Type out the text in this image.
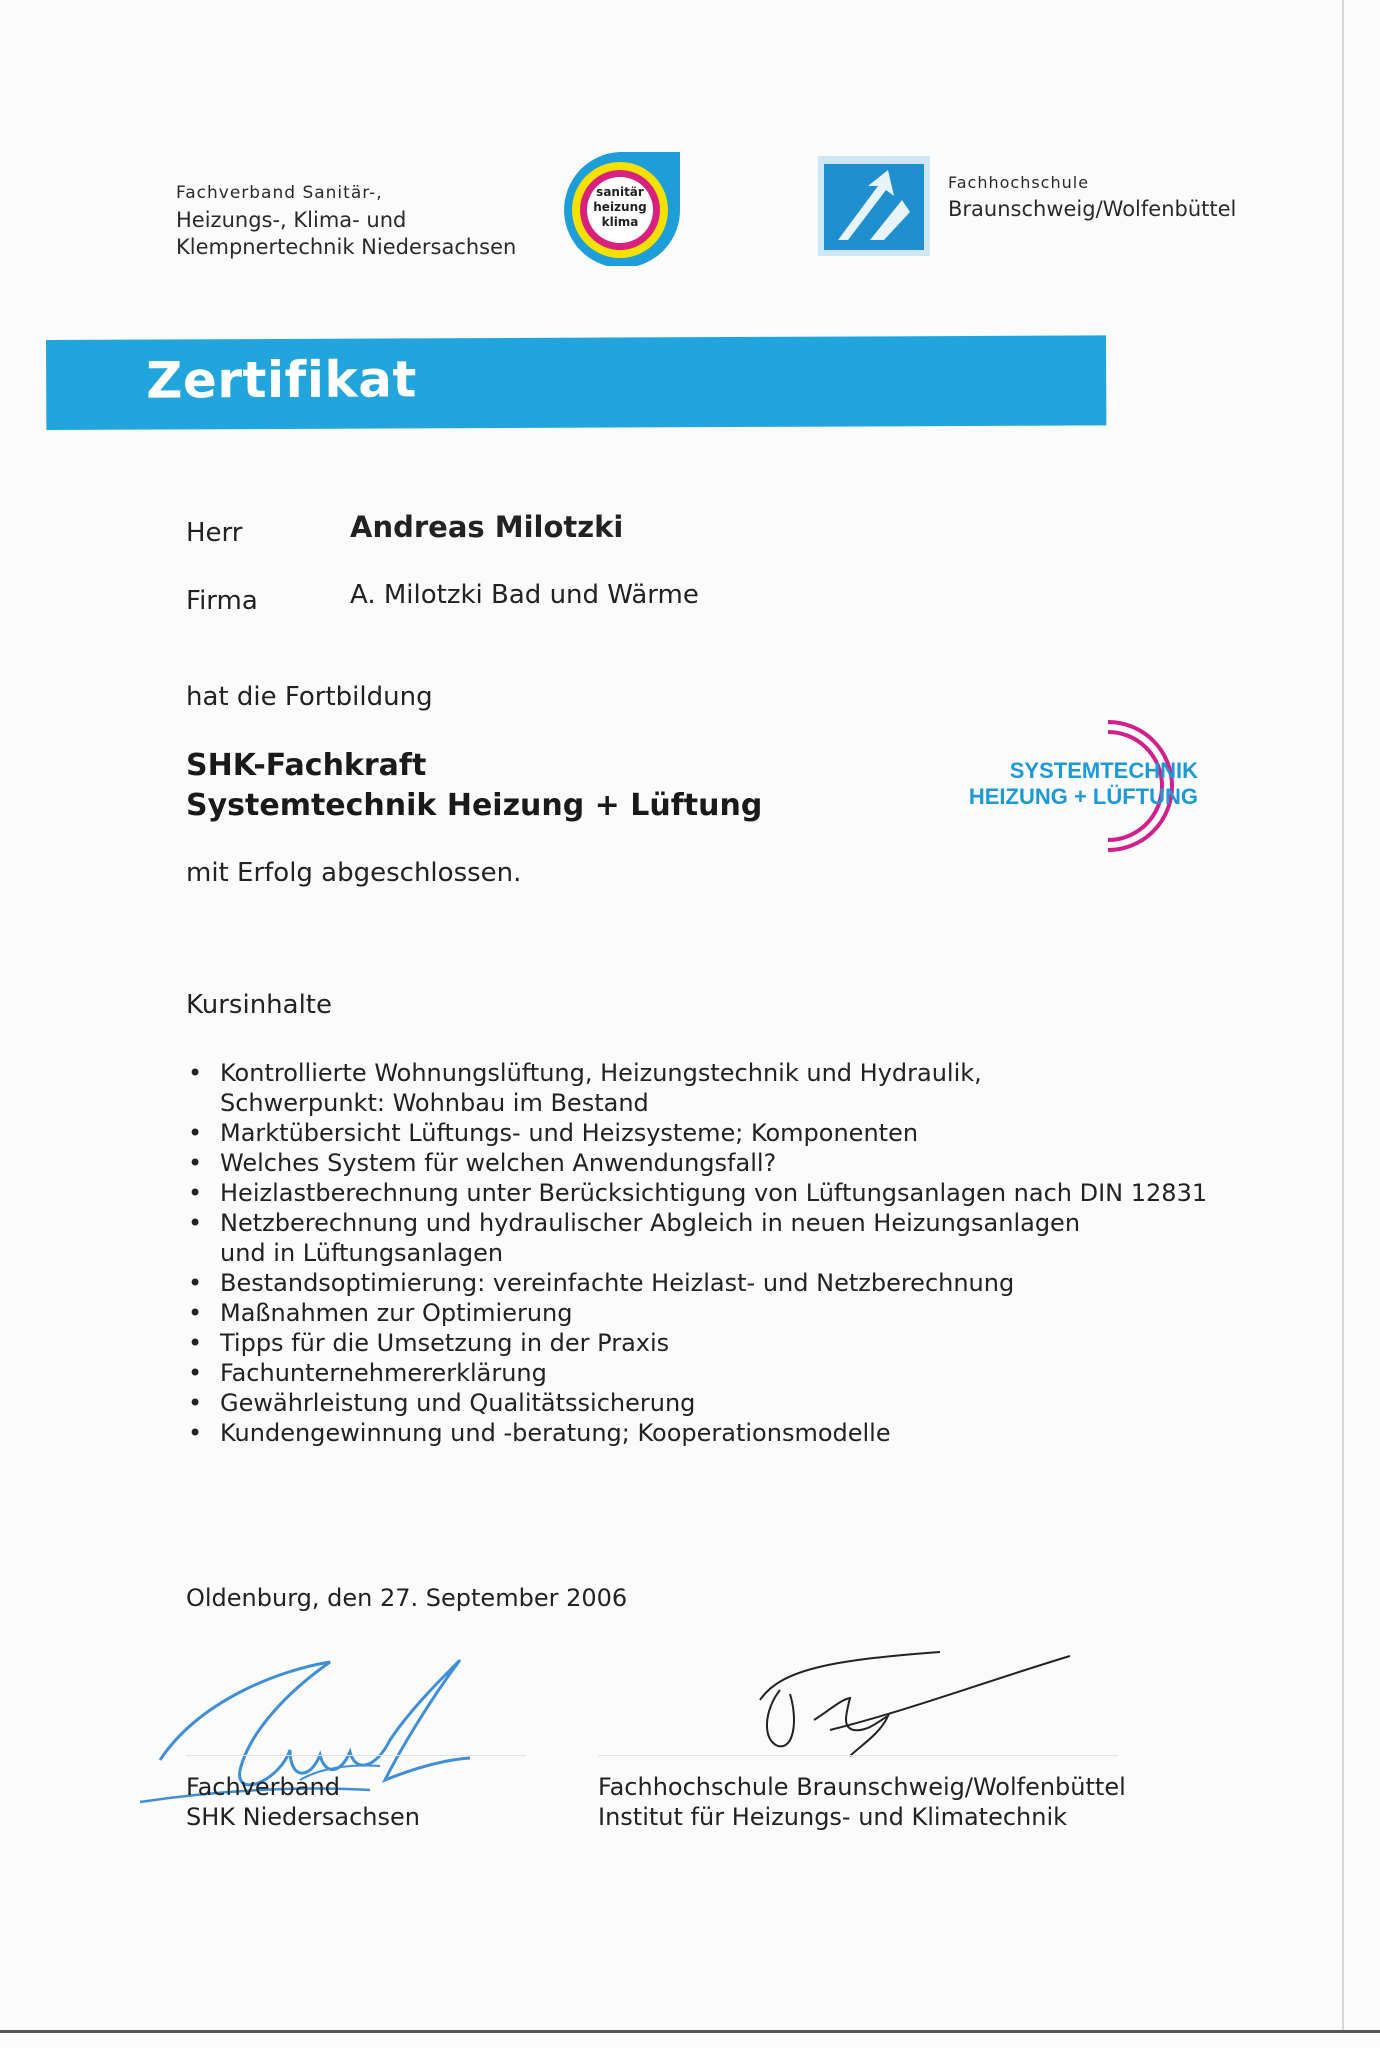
Fachverband Sanitär-,
Heizungs-, Klima- und
Klempnertechnik Niedersachsen
sanitär
heizung
klima
Fachhochschule
Braunschweig/Wolfenbüttel
Zertifikat
Herr	Andreas Milotzki
Firma	A. Milotzki Bad und Wärme
hat die Fortbildung
SHK-Fachkraft
Systemtechnik Heizung + Lüftung
mit Erfolg abgeschlossen.
SYSTEMTECHNIK
HEIZUNG + LÜFTUNG
Kursinhalte
• Kontrollierte Wohnungslüftung, Heizungstechnik und Hydraulik,
Schwerpunkt: Wohnbau im Bestand
• Marktübersicht Lüftungs- und Heizsysteme; Komponenten
• Welches System für welchen Anwendungsfall?
• Heizlastberechnung unter Berücksichtigung von Lüftungsanlagen nach DIN 12831
• Netzberechnung und hydraulischer Abgleich in neuen Heizungsanlagen
und in Lüftungsanlagen
• Bestandsoptimierung: vereinfachte Heizlast- und Netzberechnung
• Maßnahmen zur Optimierung
• Tipps für die Umsetzung in der Praxis
• Fachunternehmererklärung
• Gewährleistung und Qualitätssicherung
• Kundengewinnung und -beratung; Kooperationsmodelle
Oldenburg, den 27. September 2006
Fachverband
SHK Niedersachsen
Fachhochschule Braunschweig/Wolfenbüttel
Institut für Heizungs- und Klimatechnik
